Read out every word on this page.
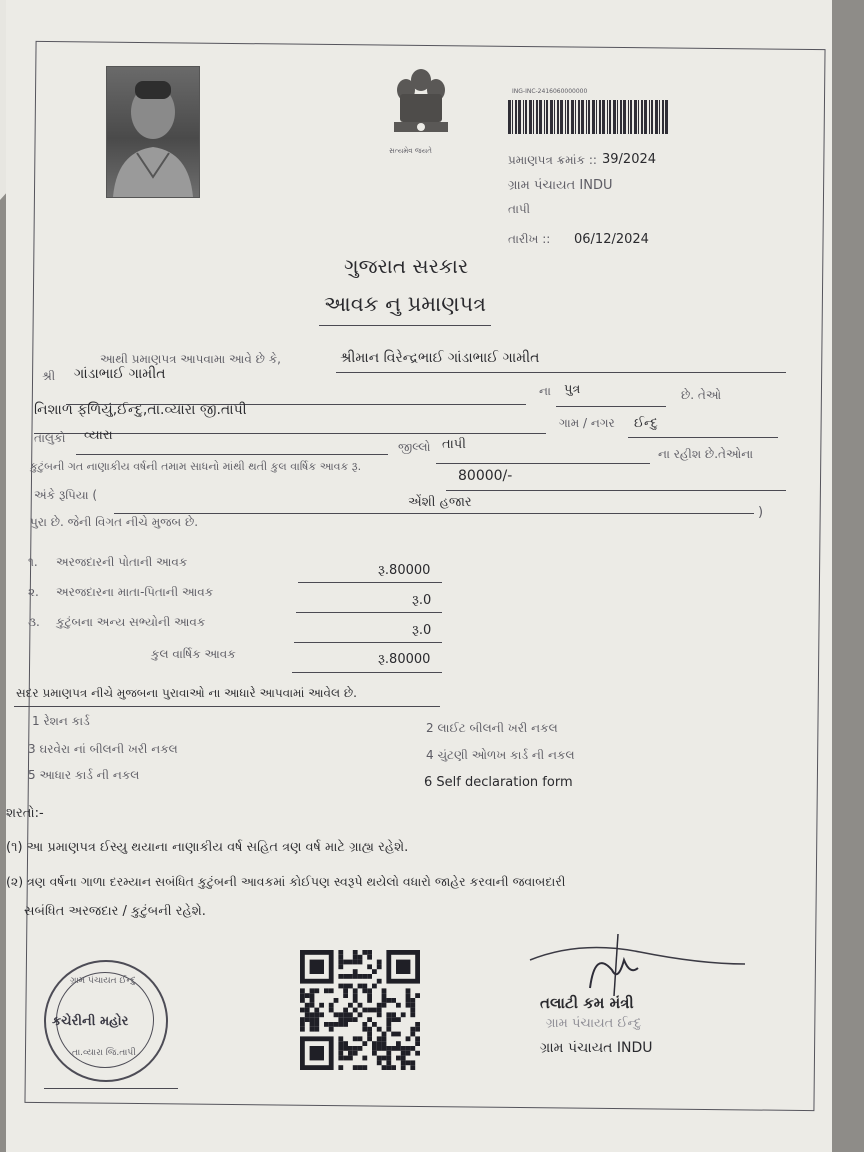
સત્યમેવ જયતે
ING-INC-2416060000000
પ્રમાણપત્ર ક્રમાંક :: 39/2024
ગ્રામ પંચાયત INDU
તાપી
તારીખ :: 06/12/2024
ગુજરાત સરકાર
આવક નુ પ્રમાણપત્ર
આથી પ્રમાણપત્ર આપવામા આવે છે કે,	શ્રીમાન વિરેન્દ્રભાઈ ગાંડાભાઈ ગામીત
શ્રી ગાંડાભાઈ ગામીત
ના પુત્ર	છે. તેઓ
નિશાળ ફળિયું,ઈન્દુ,તા.વ્યારા જી.તાપી
ગામ / નગર ઈન્દુ
તાલુકો વ્યારા
જીલ્લો તાપી
ના રહીશ છે.તેઓના
કુટુંબની ગત નાણાકીય વર્ષની તમામ સાધનો માંથી થતી કુલ વાર્ષિક આવક રૂ.
80000/-
અંકે રૂપિયા (	એંશી હજાર
)
પુરા છે. જેની વિગત નીચે મુજબ છે.
૧. અરજદારની પોતાની આવક
રૂ.80000
૨. અરજદારના માતા-પિતાની આવક
રૂ.0
૩. કુટુંબના અન્ય સભ્યોની આવક
રૂ.0
કુલ વાર્ષિક આવક	રૂ.80000
સદર પ્રમાણપત્ર નીચે મુજબના પુરાવાઓ ના આધારે આપવામાં આવેલ છે.
1 રેશન કાર્ડ	2 લાઈટ બીલની ખરી નકલ
3 ઘરવેરા નાં બીલની ખરી નકલ	4 ચુંટણી ઓળખ કાર્ડ ની નકલ
5 આધાર કાર્ડ ની નકલ	6 Self declaration form
શરતો:-
(૧) આ પ્રમાણપત્ર ઈસ્યુ થયાના નાણાકીય વર્ષ સહિત ત્રણ વર્ષ માટે ગ્રાહ્ય રહેશે.
(૨) ત્રણ વર્ષના ગાળા દરમ્યાન સબંધિત કુટુંબની આવકમાં કોઈપણ સ્વરૂપે થયેલો વધારો જાહેર કરવાની જવાબદારી
સબંધિત અરજદાર / કુટુંબની રહેશે.
ગ્રામ પંચાયત ઈન્દુ
કચેરીની મહોર
તા.વ્યારા જિ.તાપી
તલાટી કમ મંત્રી
ગ્રામ પંચાયત ઈન્દુ
ગ્રામ પંચાયત INDU
